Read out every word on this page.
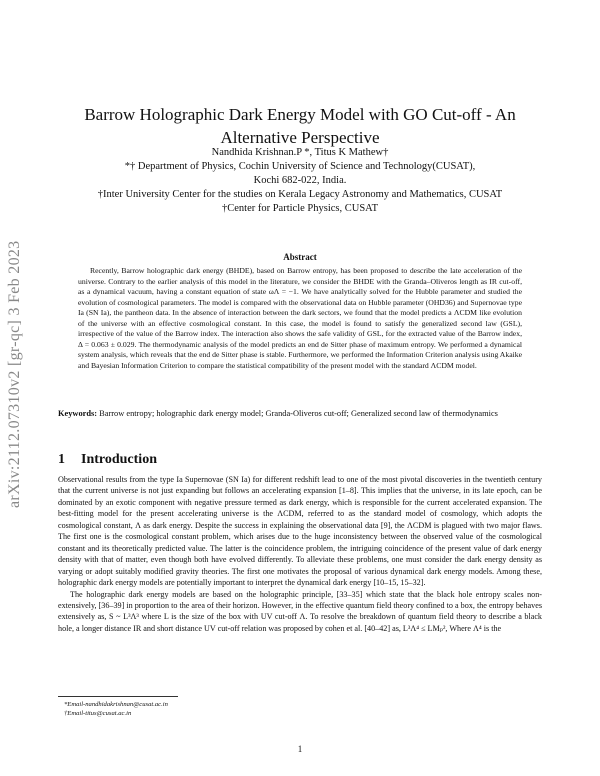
arXiv:2112.07310v2 [gr-qc] 3 Feb 2023
Barrow Holographic Dark Energy Model with GO Cut-off - An Alternative Perspective
Nandhida Krishnan.P *, Titus K Mathew†
*† Department of Physics, Cochin University of Science and Technology(CUSAT),
Kochi 682-022, India.
†Inter University Center for the studies on Kerala Legacy Astronomy and Mathematics, CUSAT
†Center for Particle Physics, CUSAT
Abstract

Recently, Barrow holographic dark energy (BHDE), based on Barrow entropy, has been proposed to describe the late acceleration of the universe. Contrary to the earlier analysis of this model in the literature, we consider the BHDE with the Granda–Oliveros length as IR cut-off, as a dynamical vacuum, having a constant equation of state ωΛ = −1. We have analytically solved for the Hubble parameter and studied the evolution of cosmological parameters. The model is compared with the observational data on Hubble parameter (OHD36) and Supernovae type Ia (SN Ia), the pantheon data. In the absence of interaction between the dark sectors, we found that the model predicts a ΛCDM like evolution of the universe with an effective cosmological constant. In this case, the model is found to satisfy the generalized second law (GSL), irrespective of the value of the Barrow index. The interaction also shows the safe validity of GSL, for the extracted value of the Barrow index, Δ = 0.063 ± 0.029. The thermodynamic analysis of the model predicts an end de Sitter phase of maximum entropy. We performed a dynamical system analysis, which reveals that the end de Sitter phase is stable. Furthermore, we performed the Information Criterion analysis using Akaike and Bayesian Information Criterion to compare the statistical compatibility of the present model with the standard ΛCDM model.

Keywords: Barrow entropy; holographic dark energy model; Granda-Oliveros cut-off; Generalized second law of thermodynamics
1 Introduction

Observational results from the type Ia Supernovae (SN Ia) for different redshift lead to one of the most pivotal discoveries in the twentieth century that the current universe is not just expanding but follows an accelerating expansion [1–8]. This implies that the universe, in its late epoch, can be dominated by an exotic component with negative pressure termed as dark energy, which is responsible for the current accelerated expansion. The best-fitting model for the present accelerating universe is the ΛCDM, referred to as the standard model of cosmology, which adopts the cosmological constant, Λ as dark energy. Despite the success in explaining the observational data [9], the ΛCDM is plagued with two major flaws. The first one is the cosmological constant problem, which arises due to the huge inconsistency between the observed value of the cosmological constant and its theoretically predicted value. The latter is the coincidence problem, the intriguing coincidence of the present value of dark energy density with that of matter, even though both have evolved differently. To alleviate these problems, one must consider the dark energy density as varying or adopt suitably modified gravity theories. The first one motivates the proposal of various dynamical dark energy models. Among these, holographic dark energy models are potentially important to interpret the dynamical dark energy [10–15, 15–32].

The holographic dark energy models are based on the holographic principle, [33–35] which state that the black hole entropy scales non-extensively, [36–39] in proportion to the area of their horizon. However, in the effective quantum field theory confined to a box, the entropy behaves extensively as, S ~ L³Λ³ where L is the size of the box with UV cut-off Λ. To resolve the breakdown of quantum field theory to describe a black hole, a longer distance IR and short distance UV cut-off relation was proposed by cohen et al. [40–42] as, L³Λ⁴ ≤ LMₚ², Where Λ⁴ is the

*Email-nandhidakrishnan@cusat.ac.in
†Email-titus@cusat.ac.in
1
